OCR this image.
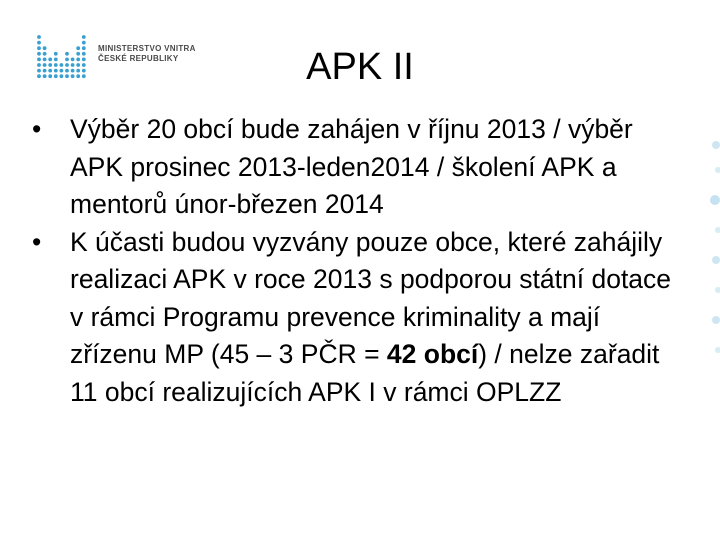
MINISTERSTVO VNITRA
ČESKÉ REPUBLIKY	APK II
•	Výběr 20 obcí bude zahájen v říjnu 2013 / výběr APK prosinec 2013-leden2014 / školení APK a mentorů únor-březen 2014
•	K účasti budou vyzvány pouze obce, které zahájily realizaci APK v roce 2013 s podporou státní dotace v rámci Programu prevence kriminality a mají zřízenu MP (45 – 3 PČR = 42 obcí) / nelze zařadit 11 obcí realizujících APK I v rámci OPLZZ
